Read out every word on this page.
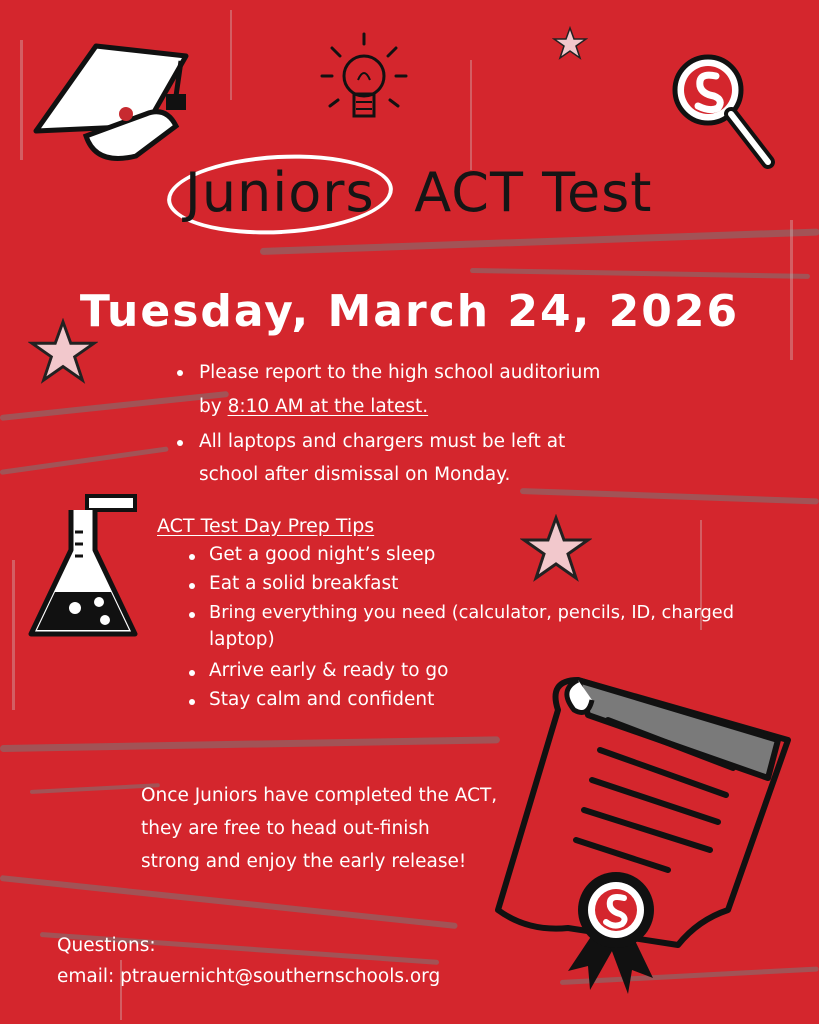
Juniors ACT Test
Tuesday, March 24, 2026
Please report to the high school auditorium
by 8:10 AM at the latest.
All laptops and chargers must be left at
school after dismissal on Monday.
ACT Test Day Prep Tips
Get a good night’s sleep
Eat a solid breakfast
Bring everything you need (calculator, pencils, ID, charged
laptop)
Arrive early & ready to go
Stay calm and confident
Once Juniors have completed the ACT,
they are free to head out-finish
strong and enjoy the early release!
Questions:
email: ptrauernicht@southernschools.org
